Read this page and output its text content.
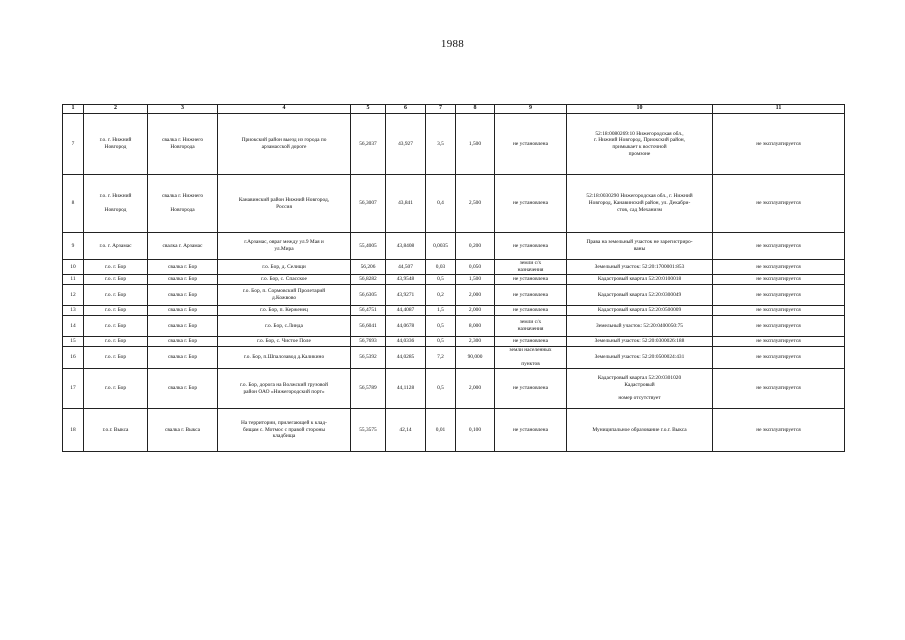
1988
1	2	3	4	5	6	7	8	9	10	11
7	г.о. г. Нижний
Новгород	свалка г. Нижнего
Новгорода	Приокский район выезд из города по
арзамасской дороге	56,2037	43,927	3,5	1,500	не установлена	52:18:0080269:10 Нижегородская обл.,
г. Нижний Новгород, Приокский район,
примыкает к восточной
промзоне	не эксплуатируется
8	г.о. г. Нижний

Новгород	свалка г. Нижнего

Новгорода	Канавинский район Нижний Новгород,
Россия	56,3007	43,841	0,4	2,500	не установлена	52:18:0030290 Нижегородская обл., г. Нижний
Новгород, Канавинский район, ул. Декабри-
стов, сад Механизм	не эксплуатируется
9	г.о. г. Арзамас	свалка г. Арзамас	г.Арзамас, овраг между ул.9 Мая и
ул.Мира	55,4005	43,8408	0,0035	0,200	не установлена	Права на земельный участок не зарегистриро-
ваны	не эксплуатируется
10	г.о. г. Бор	свалка г. Бор	г.о. Бор, д. Селищи	56,206	44,507	0,03	0,050	земли с/х
назначения	Земельный участок: 52:20:1700001:853	не эксплуатируется
11	г.о. г. Бор	свалка г. Бор	г.о. Бор, с. Спасское	56,8282	43,9548	0,5	1,500	не установлена	Кадастровый квартал 52:20:0100018	не эксплуатируется
12	г.о. г. Бор	свалка г. Бор	г.о. Бор, п. Сормовский Пролетарий
д.Кожвово	56,6305	43,9271	0,2	2,000	не установлена	Кадастровый квартал 52:20:0300049	не эксплуатируется
13	г.о. г. Бор	свалка г. Бор	г.о. Бор, п. Керженец	56,4751	44,4087	1,5	2,000	не установлена	Кадастровый квартал 52:20:0500009	не эксплуатируется
14	г.о. г. Бор	свалка г. Бор	г.о. Бор, с.Линда	56,6041	44,0678	0,5	8,000	земли с/х
назначения	Земельный участок: 52:20:0400050:75	не эксплуатируется
15	г.о. г. Бор	свалка г. Бор	г.о. Бор, с. Чистое Поле	56,7693	44,0336	0,5	2,300	не установлена	Земельный участок: 52:20:0300026:188	не эксплуатируется
16	г.о. г. Бор	свалка г. Бор	г.о. Бор, п.Шпалозавод д.Каликино	56,5392	44,0285	7,2	90,000	земли населенных

пунктов	Земельный участок: 52:20:0500024:431	не эксплуатируется
17	г.о. г. Бор	свалка г. Бор	г.о. Бор, дорога на Волжский грузовой
район ОАО «Нижегородский порт»	56,5789	44,1128	0,5	2,000	не установлена	Кадастровый квартал 52:20:0301020
Кадастровый

номер отсутствует	не эксплуатируется
18	г.о.г. Выкса	свалка г. Выкса	На территории, прилегающей к клад-
бищам с. Мотмос с правой стороны
кладбища	55,3575	42,14	0,01	0,100	не установлена	Муниципальное образование г.о.г. Выкса	не эксплуатируется
